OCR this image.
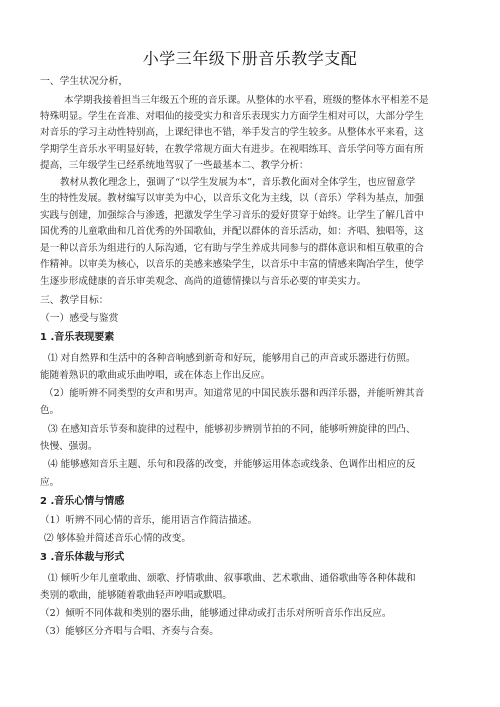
小学三年级下册音乐教学支配
一、学生状况分析，
本学期我接着担当三年级五个班的音乐课。从整体的水平看，班级的整体水平相差不是
特殊明显。学生在音准、对唱仙的接受实力和音乐表现实力方面学生相对可以，大部分学生
对音乐的学习主动性特别高，上课纪律也不错，举手发言的学生较多。从整体水平来看，这
学期学生音乐水平明显好转，在教学常规方面大有进步。在视唱练耳、音乐学问等方面有所
提高，三年级学生已经系统地驾驭了一些最基本二、教学分析：
教材从教化理念上，强调了“以学生发展为本”，音乐教化面对全体学生，也应留意学
生的特性发展。教材编写以审美为中心，以音乐文化为主线，以（音乐）学科为基点，加强
实践与创建，加强综合与渗透，把激发学生学习音乐的爱好贯穿于始终。让学生了解几首中
国优秀的儿童歌曲和几首优秀的外国歌仙，并配以群体的音乐活动，如：齐唱、独唱等，这
是一种以音乐为组进行的人际沟通，它有助与学生养成共同参与的群体意识和相互敬重的合
作精神。以审美为核心，以音乐的美感来感染学生，以音乐中丰富的情感来陶冶学生，使学
生逐步形成健康的音乐审美观念、高尚的道德情操以与音乐必要的审美实力。
三、教学目标：
（一）感受与鉴赏
1 .音乐表现要素
⑴ 对自然界和生活中的各种音响感到新奇和好玩，能够用自己的声音或乐器进行仿照。
能随着熟识的歌曲或乐曲哼唱，或在体态上作出反应。
（2）能听辨不同类型的女声和男声。知道常见的中国民族乐器和西洋乐器，并能听辨其音
色。
⑶ 在感知音乐节奏和旋律的过程中，能够初步辨别节拍的不同，能够听辨旋律的凹凸、
快慢、强弱。
⑷ 能够感知音乐主题、乐句和段落的改变，并能够运用体态或线条、色调作出相应的反
应。
2 .音乐心情与情感
（1）听辨不同心情的音乐，能用语言作简洁描述。
⑵ 够体验并简述音乐心情的改变。
3 .音乐体裁与形式
⑴ 倾听少年儿童歌曲、颂歌、抒情歌曲、叙事歌曲、艺术歌曲、通俗歌曲等各种体裁和
类别的歌曲，能够随着歌曲轻声哼唱或默唱。
（2）倾听不同体裁和类别的器乐曲，能够通过律动或打击乐对所听音乐作出反应。
（3）能够区分齐唱与合唱、齐奏与合奏。
